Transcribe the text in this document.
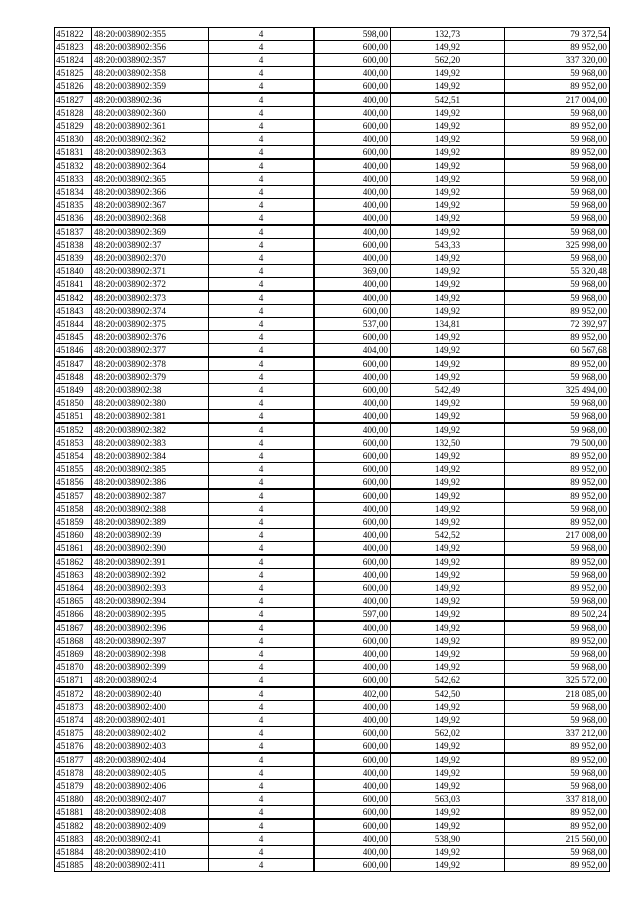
451822	48:20:0038902:355	4	598,00	132,73	79 372,54
451823	48:20:0038902:356	4	600,00	149,92	89 952,00
451824	48:20:0038902:357	4	600,00	562,20	337 320,00
451825	48:20:0038902:358	4	400,00	149,92	59 968,00
451826	48:20:0038902:359	4	600,00	149,92	89 952,00
451827	48:20:0038902:36	4	400,00	542,51	217 004,00
451828	48:20:0038902:360	4	400,00	149,92	59 968,00
451829	48:20:0038902:361	4	600,00	149,92	89 952,00
451830	48:20:0038902:362	4	400,00	149,92	59 968,00
451831	48:20:0038902:363	4	600,00	149,92	89 952,00
451832	48:20:0038902:364	4	400,00	149,92	59 968,00
451833	48:20:0038902:365	4	400,00	149,92	59 968,00
451834	48:20:0038902:366	4	400,00	149,92	59 968,00
451835	48:20:0038902:367	4	400,00	149,92	59 968,00
451836	48:20:0038902:368	4	400,00	149,92	59 968,00
451837	48:20:0038902:369	4	400,00	149,92	59 968,00
451838	48:20:0038902:37	4	600,00	543,33	325 998,00
451839	48:20:0038902:370	4	400,00	149,92	59 968,00
451840	48:20:0038902:371	4	369,00	149,92	55 320,48
451841	48:20:0038902:372	4	400,00	149,92	59 968,00
451842	48:20:0038902:373	4	400,00	149,92	59 968,00
451843	48:20:0038902:374	4	600,00	149,92	89 952,00
451844	48:20:0038902:375	4	537,00	134,81	72 392,97
451845	48:20:0038902:376	4	600,00	149,92	89 952,00
451846	48:20:0038902:377	4	404,00	149,92	60 567,68
451847	48:20:0038902:378	4	600,00	149,92	89 952,00
451848	48:20:0038902:379	4	400,00	149,92	59 968,00
451849	48:20:0038902:38	4	600,00	542,49	325 494,00
451850	48:20:0038902:380	4	400,00	149,92	59 968,00
451851	48:20:0038902:381	4	400,00	149,92	59 968,00
451852	48:20:0038902:382	4	400,00	149,92	59 968,00
451853	48:20:0038902:383	4	600,00	132,50	79 500,00
451854	48:20:0038902:384	4	600,00	149,92	89 952,00
451855	48:20:0038902:385	4	600,00	149,92	89 952,00
451856	48:20:0038902:386	4	600,00	149,92	89 952,00
451857	48:20:0038902:387	4	600,00	149,92	89 952,00
451858	48:20:0038902:388	4	400,00	149,92	59 968,00
451859	48:20:0038902:389	4	600,00	149,92	89 952,00
451860	48:20:0038902:39	4	400,00	542,52	217 008,00
451861	48:20:0038902:390	4	400,00	149,92	59 968,00
451862	48:20:0038902:391	4	600,00	149,92	89 952,00
451863	48:20:0038902:392	4	400,00	149,92	59 968,00
451864	48:20:0038902:393	4	600,00	149,92	89 952,00
451865	48:20:0038902:394	4	400,00	149,92	59 968,00
451866	48:20:0038902:395	4	597,00	149,92	89 502,24
451867	48:20:0038902:396	4	400,00	149,92	59 968,00
451868	48:20:0038902:397	4	600,00	149,92	89 952,00
451869	48:20:0038902:398	4	400,00	149,92	59 968,00
451870	48:20:0038902:399	4	400,00	149,92	59 968,00
451871	48:20:0038902:4	4	600,00	542,62	325 572,00
451872	48:20:0038902:40	4	402,00	542,50	218 085,00
451873	48:20:0038902:400	4	400,00	149,92	59 968,00
451874	48:20:0038902:401	4	400,00	149,92	59 968,00
451875	48:20:0038902:402	4	600,00	562,02	337 212,00
451876	48:20:0038902:403	4	600,00	149,92	89 952,00
451877	48:20:0038902:404	4	600,00	149,92	89 952,00
451878	48:20:0038902:405	4	400,00	149,92	59 968,00
451879	48:20:0038902:406	4	400,00	149,92	59 968,00
451880	48:20:0038902:407	4	600,00	563,03	337 818,00
451881	48:20:0038902:408	4	600,00	149,92	89 952,00
451882	48:20:0038902:409	4	600,00	149,92	89 952,00
451883	48:20:0038902:41	4	400,00	538,90	215 560,00
451884	48:20:0038902:410	4	400,00	149,92	59 968,00
451885	48:20:0038902:411	4	600,00	149,92	89 952,00
